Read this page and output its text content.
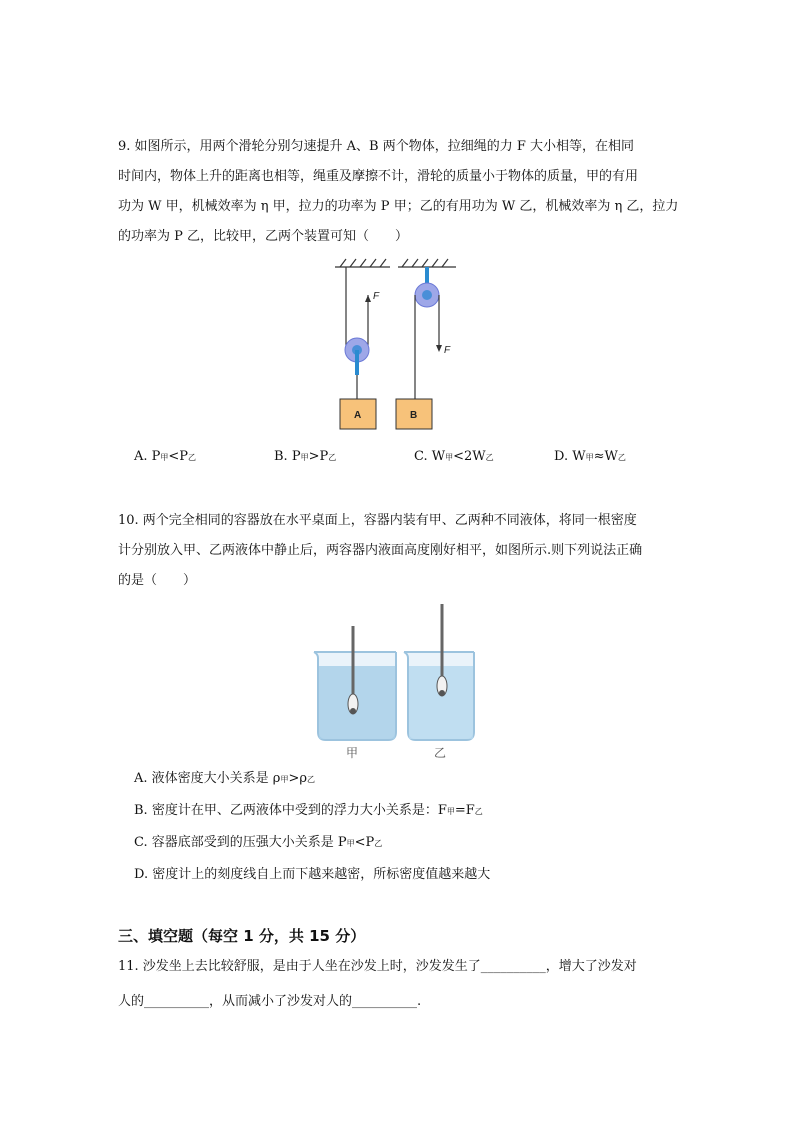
9. 如图所示，用两个滑轮分别匀速提升 A、B 两个物体，拉细绳的力 F 大小相等，在相同
时间内，物体上升的距离也相等，绳重及摩擦不计，滑轮的质量小于物体的质量，甲的有用
功为 W 甲，机械效率为 η 甲，拉力的功率为 P 甲；乙的有用功为 W 乙，机械效率为 η 乙，拉力
的功率为 P 乙，比较甲，乙两个装置可知（　　）
F
A
F
B
A. P甲<P乙	B. P甲>P乙	C. W甲<2W乙	D. W甲≈W乙
10. 两个完全相同的容器放在水平桌面上，容器内装有甲、乙两种不同液体，将同一根密度
计分别放入甲、乙两液体中静止后，两容器内液面高度刚好相平，如图所示.则下列说法正确
的是（　　）
甲	乙
A. 液体密度大小关系是 ρ甲>ρ乙
B. 密度计在甲、乙两液体中受到的浮力大小关系是：F甲=F乙
C. 容器底部受到的压强大小关系是 P甲<P乙
D. 密度计上的刻度线自上而下越来越密，所标密度值越来越大
三、填空题（每空 1 分，共 15 分）
11. 沙发坐上去比较舒服，是由于人坐在沙发上时，沙发发生了__________，增大了沙发对
人的__________，从而减小了沙发对人的__________.
